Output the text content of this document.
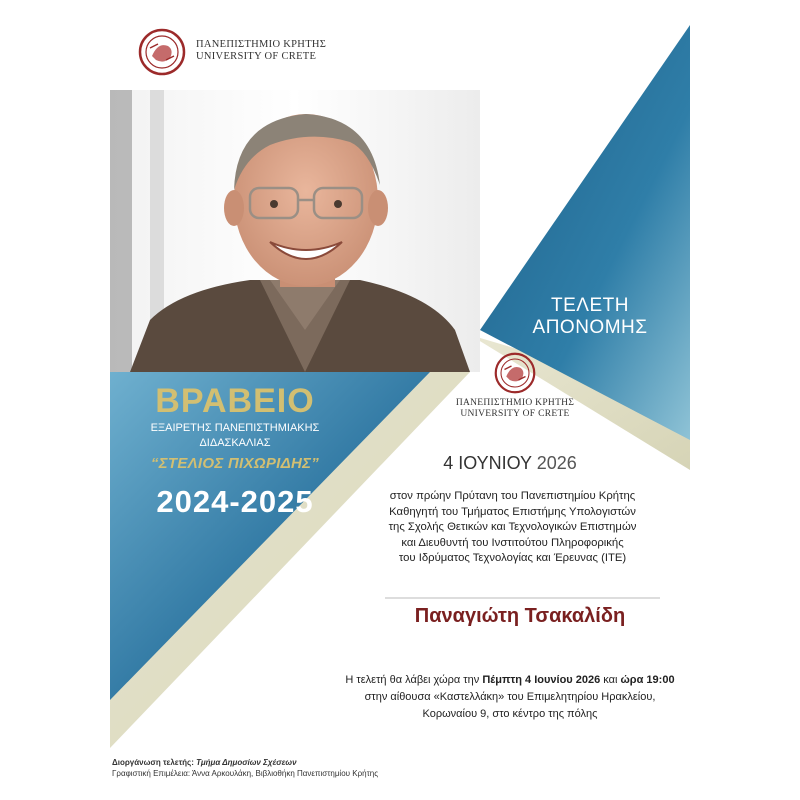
ΠΑΝΕΠΙΣΤΗΜΙΟ ΚΡΗΤΗΣ
UNIVERSITY OF CRETE
ΤΕΛΕΤΗ ΑΠΟΝΟΜΗΣ
ΒΡΑΒΕΙΟ
ΕΞΑΙΡΕΤΗΣ ΠΑΝΕΠΙΣΤΗΜΙΑΚΗΣ
ΔΙΔΑΣΚΑΛΙΑΣ
“ΣΤΕΛΙΟΣ ΠΙΧΩΡΙΔΗΣ”
2024-2025
ΠΑΝΕΠΙΣΤΗΜΙΟ ΚΡΗΤΗΣ
UNIVERSITY OF CRETE
4 ΙΟΥΝΙΟΥ 2026
στον πρώην Πρύτανη του Πανεπιστημίου Κρήτης
Καθηγητή του Τμήματος Επιστήμης Υπολογιστών
της Σχολής Θετικών και Τεχνολογικών Επιστημών
και Διευθυντή του Ινστιτούτου Πληροφορικής
του Ιδρύματος Τεχνολογίας και Έρευνας (ΙΤΕ)
Παναγιώτη Τσακαλίδη
Η τελετή θα λάβει χώρα την Πέμπτη 4 Ιουνίου 2026 και ώρα 19:00
στην αίθουσα «Καστελλάκη» του Επιμελητηρίου Ηρακλείου,
Κορωναίου 9, στο κέντρο της πόλης
Διοργάνωση τελετής: Τμήμα Δημοσίων Σχέσεων
Γραφιστική Επιμέλεια: Άννα Αρκουλάκη, Βιβλιοθήκη Πανεπιστημίου Κρήτης
